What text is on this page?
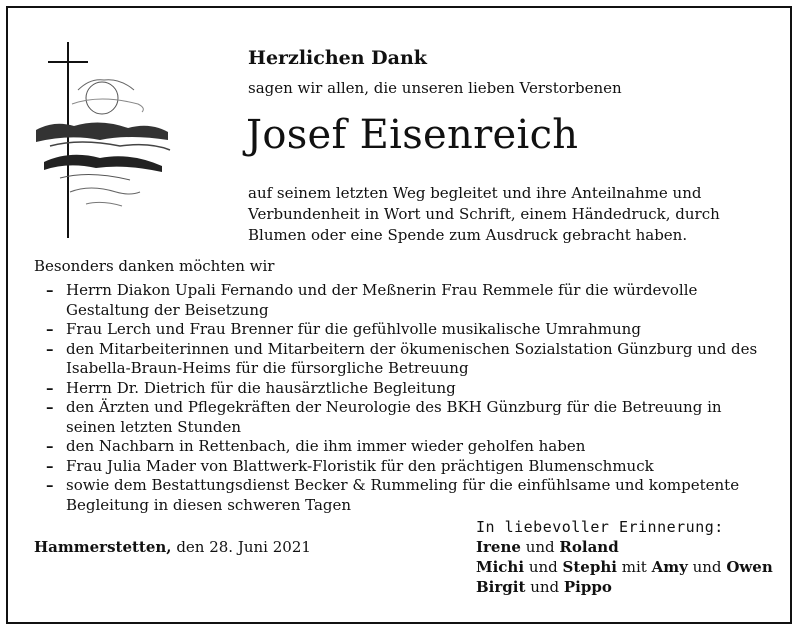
Herzlichen Dank

sagen wir allen, die unseren lieben Verstorbenen

Josef Eisenreich

auf seinem letzten Weg begleitet und ihre Anteilnahme und
Verbundenheit in Wort und Schrift, einem Händedruck, durch
Blumen oder eine Spende zum Ausdruck gebracht haben.

Besonders danken möchten wir

– Herrn Diakon Upali Fernando und der Meßnerin Frau Remmele für die würdevolle
Gestaltung der Beisetzung
– Frau Lerch und Frau Brenner für die gefühlvolle musikalische Umrahmung
– den Mitarbeiterinnen und Mitarbeitern der ökumenischen Sozialstation Günzburg und des
Isabella-Braun-Heims für die fürsorgliche Betreuung
– Herrn Dr. Dietrich für die hausärztliche Begleitung
– den Ärzten und Pflegekräften der Neurologie des BKH Günzburg für die Betreuung in
seinen letzten Stunden
– den Nachbarn in Rettenbach, die ihm immer wieder geholfen haben
– Frau Julia Mader von Blattwerk-Floristik für den prächtigen Blumenschmuck
– sowie dem Bestattungsdienst Becker & Rummeling für die einfühlsame und kompetente
Begleitung in diesen schweren Tagen

Hammerstetten, den 28. Juni 2021

In liebevoller Erinnerung:
Irene und Roland
Michi und Stephi mit Amy und Owen
Birgit und Pippo
